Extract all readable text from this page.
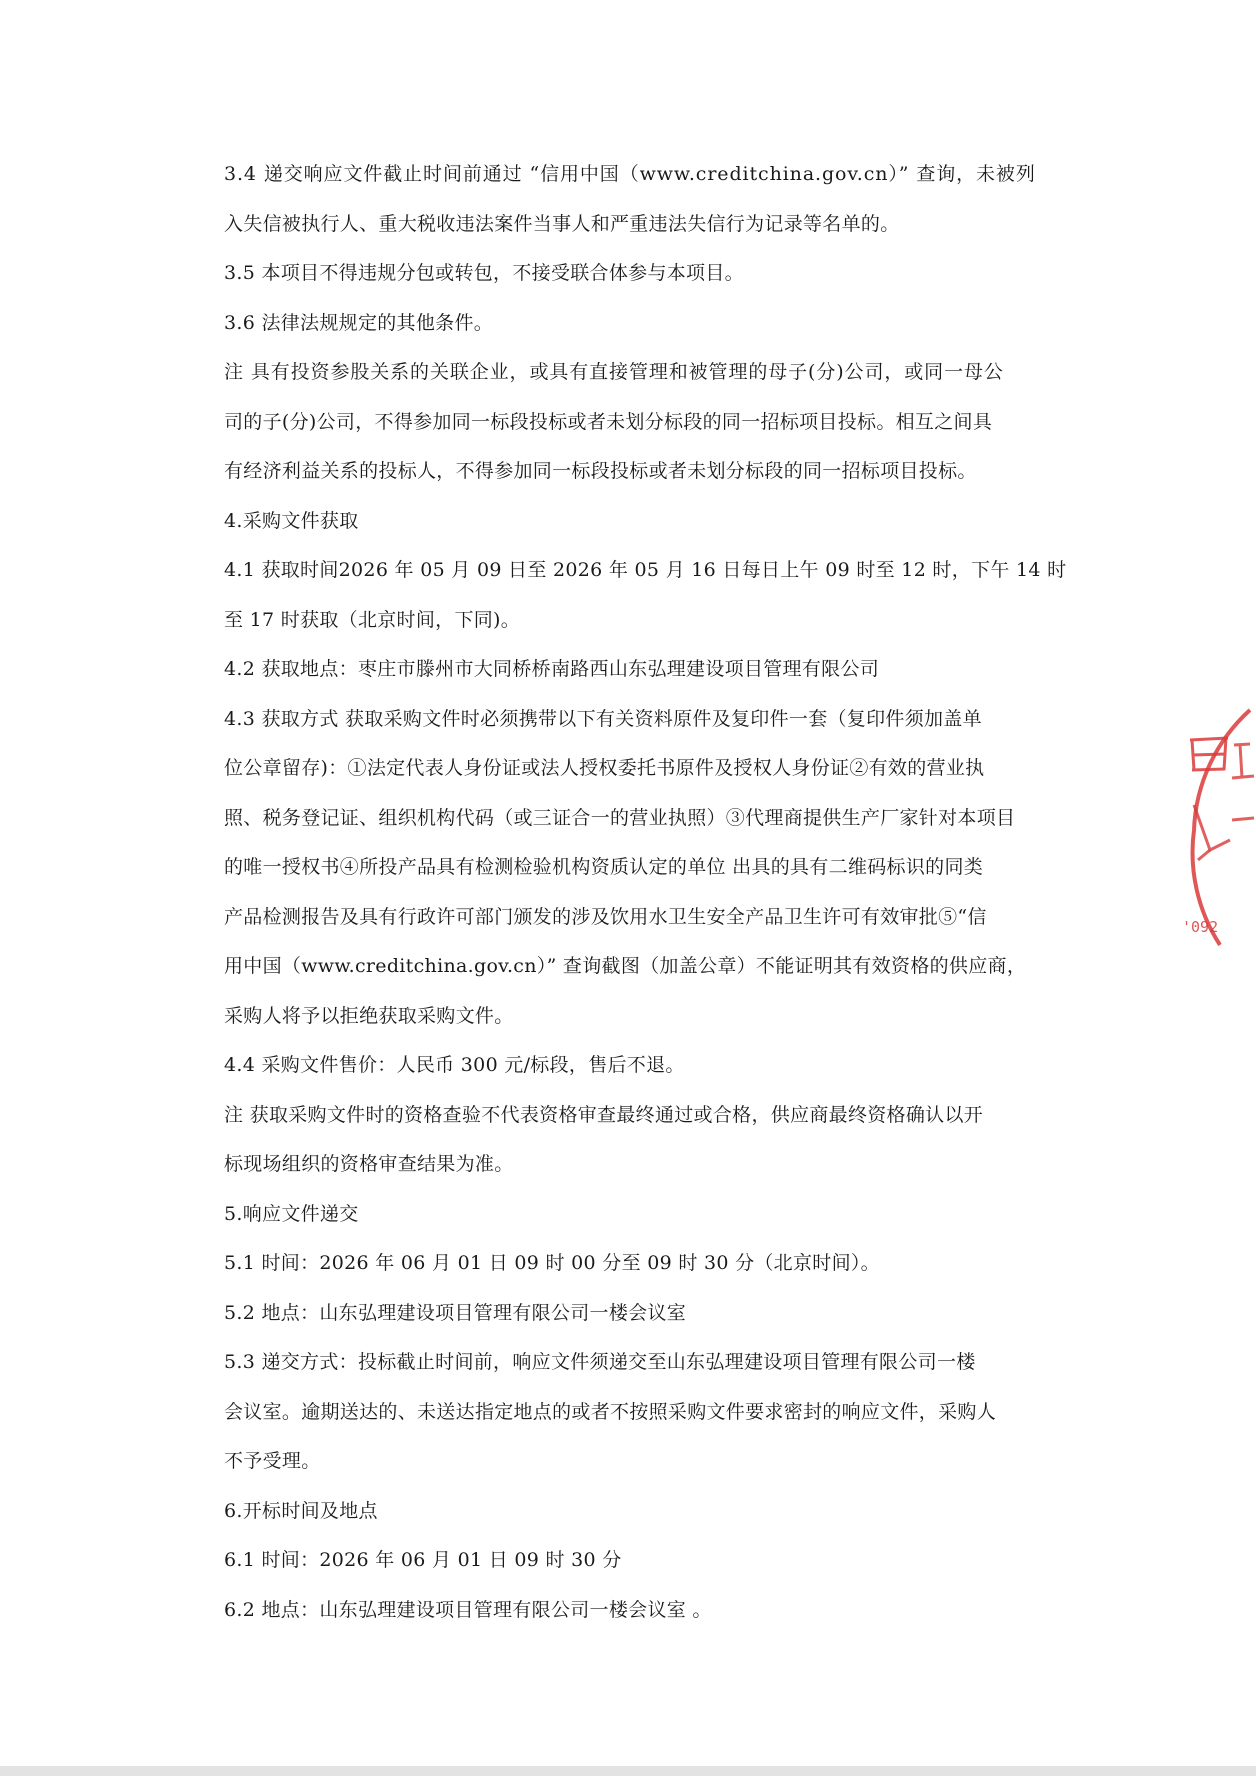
3.4 递交响应文件截止时间前通过 “信用中国（www.creditchina.gov.cn）” 查询，未被列

入失信被执行人、重大税收违法案件当事人和严重违法失信行为记录等名单的。

3.5 本项目不得违规分包或转包，不接受联合体参与本项目。

3.6 法律法规规定的其他条件。

注 具有投资参股关系的关联企业，或具有直接管理和被管理的母子(分)公司，或同一母公

司的子(分)公司，不得参加同一标段投标或者未划分标段的同一招标项目投标。相互之间具

有经济利益关系的投标人，不得参加同一标段投标或者未划分标段的同一招标项目投标。

4.采购文件获取

4.1 获取时间2026 年 05 月 09 日至 2026 年 05 月 16 日每日上午 09 时至 12 时，下午 14 时

至 17 时获取（北京时间，下同)。

4.2 获取地点：枣庄市滕州市大同桥桥南路西山东弘理建设项目管理有限公司

4.3 获取方式 获取采购文件时必须携带以下有关资料原件及复印件一套（复印件须加盖单

位公章留存)：①法定代表人身份证或法人授权委托书原件及授权人身份证②有效的营业执

照、税务登记证、组织机构代码（或三证合一的营业执照）③代理商提供生产厂家针对本项目

的唯一授权书④所投产品具有检测检验机构资质认定的单位 出具的具有二维码标识的同类

产品检测报告及具有行政许可部门颁发的涉及饮用水卫生安全产品卫生许可有效审批⑤“信

用中国（www.creditchina.gov.cn）” 查询截图（加盖公章）不能证明其有效资格的供应商，

采购人将予以拒绝获取采购文件。

4.4 采购文件售价：人民币 300 元/标段，售后不退。

注 获取采购文件时的资格查验不代表资格审查最终通过或合格，供应商最终资格确认以开

标现场组织的资格审查结果为准。

5.响应文件递交

5.1 时间：2026 年 06 月 01 日 09 时 00 分至 09 时 30 分（北京时间）。

5.2 地点：山东弘理建设项目管理有限公司一楼会议室

5.3 递交方式：投标截止时间前，响应文件须递交至山东弘理建设项目管理有限公司一楼

会议室。逾期送达的、未送达指定地点的或者不按照采购文件要求密封的响应文件，采购人

不予受理。

6.开标时间及地点

6.1 时间：2026 年 06 月 01 日 09 时 30 分

6.2 地点：山东弘理建设项目管理有限公司一楼会议室 。

'092
